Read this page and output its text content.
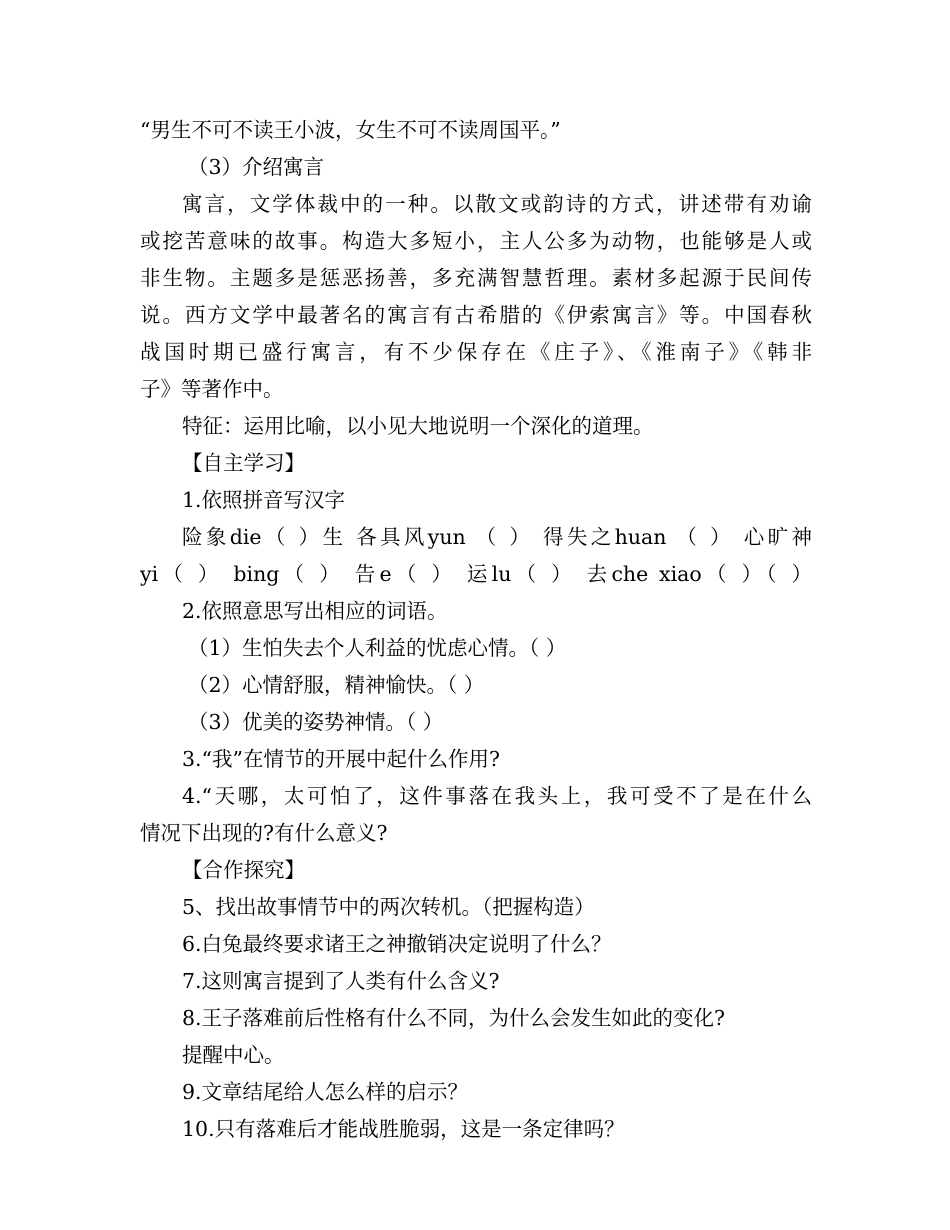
“男生不可不读王小波，女生不可不读周国平。”
（3）介绍寓言
寓言，文学体裁中的一种。以散文或韵诗的方式，讲述带有劝谕
或挖苦意味的故事。构造大多短小，主人公多为动物，也能够是人或
非生物。主题多是惩恶扬善，多充满智慧哲理。素材多起源于民间传
说。西方文学中最著名的寓言有古希腊的《伊索寓言》等。中国春秋
战国时期已盛行寓言，有不少保存在《庄子》、《淮南子》《韩非
子》等著作中。
特征：运用比喻，以小见大地说明一个深化的道理。
【自主学习】
1.依照拼音写汉字
险象die（ ）生 各具风yun （ ） 得失之huan （ ） 心旷神
yi（ ） bing（ ） 告e（ ） 运lu（ ） 去che xiao（ ）（ ）
2.依照意思写出相应的词语。
（1）生怕失去个人利益的忧虑心情。（ ）
（2）心情舒服，精神愉快。（ ）
（3）优美的姿势神情。（ ）
3.“我”在情节的开展中起什么作用?
4.“天哪，太可怕了，这件事落在我头上，我可受不了是在什么
情况下出现的?有什么意义?
【合作探究】
5、找出故事情节中的两次转机。（把握构造）
6.白兔最终要求诸王之神撤销决定说明了什么？
7.这则寓言提到了人类有什么含义?
8.王子落难前后性格有什么不同，为什么会发生如此的变化?
提醒中心。
9.文章结尾给人怎么样的启示？
10.只有落难后才能战胜脆弱，这是一条定律吗？
